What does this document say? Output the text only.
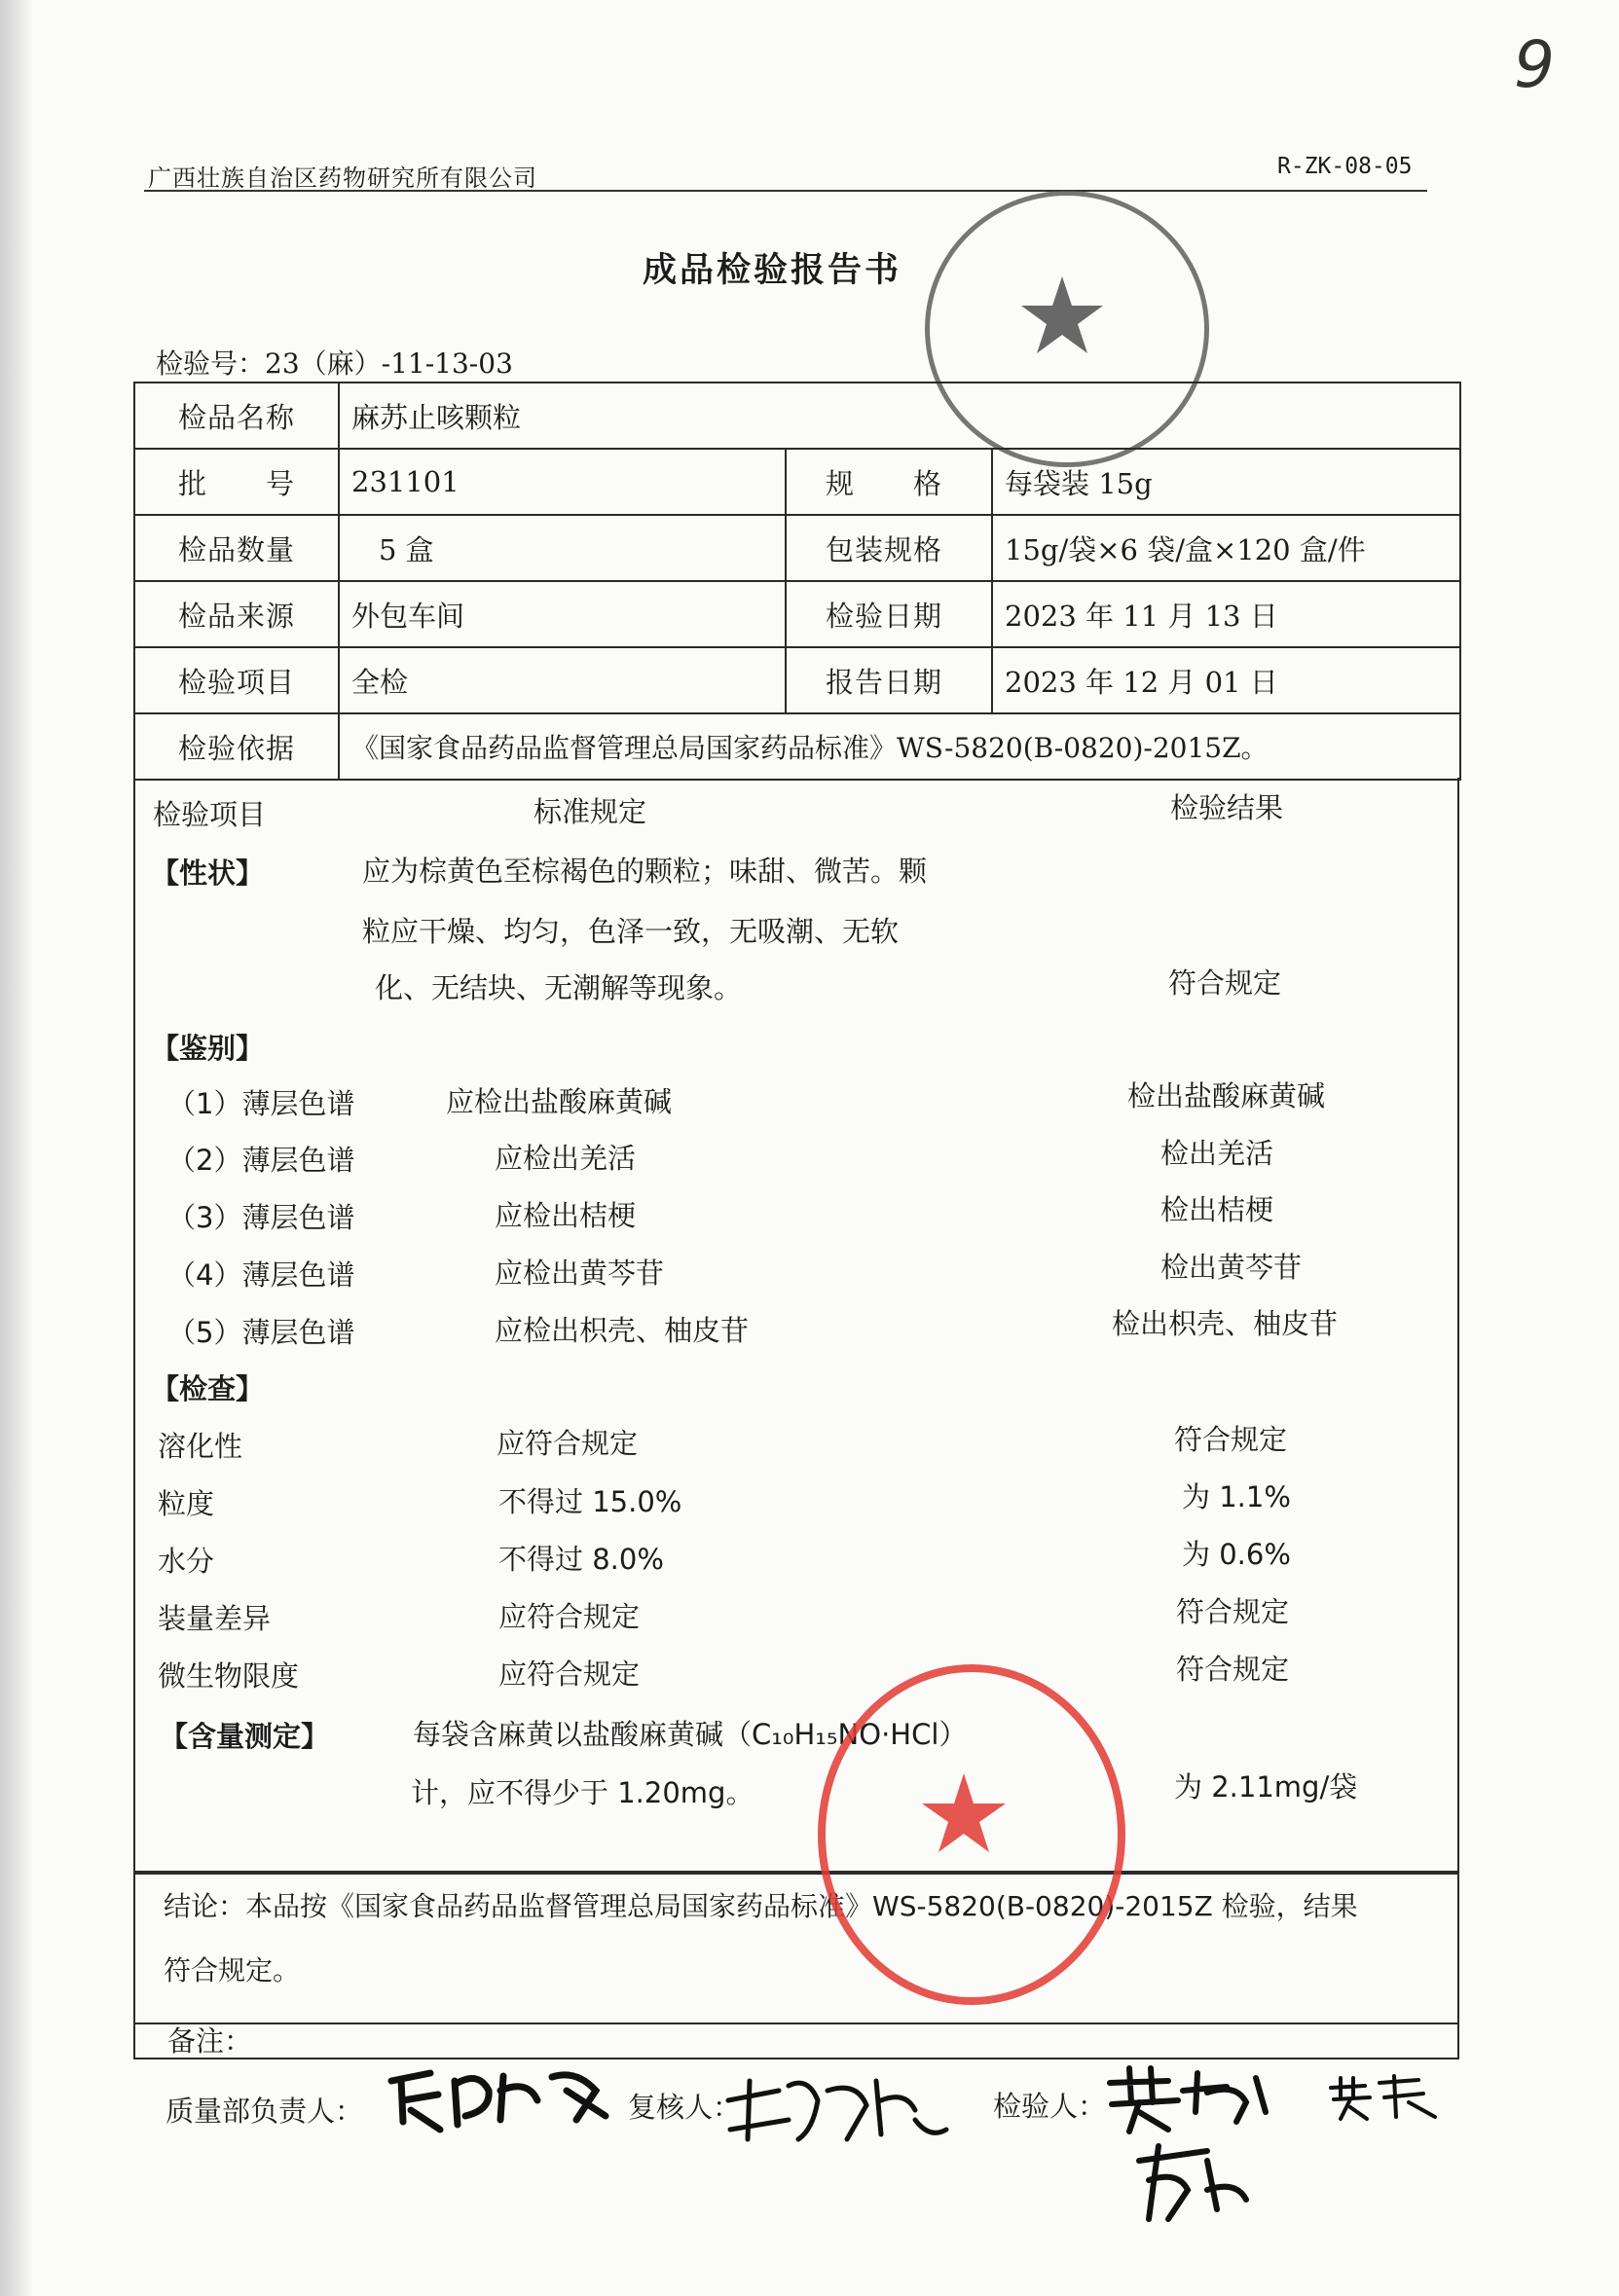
9
广西壮族自治区药物研究所有限公司	R-ZK-08-05
成品检验报告书
检验号：23（麻）-11-13-03
检品名称	麻苏止咳颗粒		
批　　号	231101	规　　格	每袋装 15g
检品数量	5 盒	包装规格	15g/袋×6 袋/盒×120 盒/件
检品来源	外包车间	检验日期	2023 年 11 月 13 日
检验项目	全检	报告日期	2023 年 12 月 01 日
检验依据	《国家食品药品监督管理总局国家药品标准》WS-5820(B-0820)-2015Z。		
检验项目	标准规定	检验结果
【性状】	应为棕黄色至棕褐色的颗粒；味甜、微苦。颗
粒应干燥、均匀，色泽一致，无吸潮、无软
化、无结块、无潮解等现象。	符合规定
【鉴别】
（1）薄层色谱	应检出盐酸麻黄碱	检出盐酸麻黄碱
（2）薄层色谱	应检出羌活	检出羌活
（3）薄层色谱	应检出桔梗	检出桔梗
（4）薄层色谱	应检出黄芩苷	检出黄芩苷
（5）薄层色谱	应检出枳壳、柚皮苷	检出枳壳、柚皮苷
【检查】
溶化性	应符合规定	符合规定
粒度	不得过 15.0%	为 1.1%
水分	不得过 8.0%	为 0.6%
装量差异	应符合规定	符合规定
微生物限度	应符合规定	符合规定
【含量测定】	每袋含麻黄以盐酸麻黄碱（C₁₀H₁₅NO·HCl）
计，应不得少于 1.20mg。	为 2.11mg/袋
结论：本品按《国家食品药品监督管理总局国家药品标准》WS-5820(B-0820)-2015Z 检验，结果
符合规定。
备注：
质量部负责人：	复核人：	检验人：
